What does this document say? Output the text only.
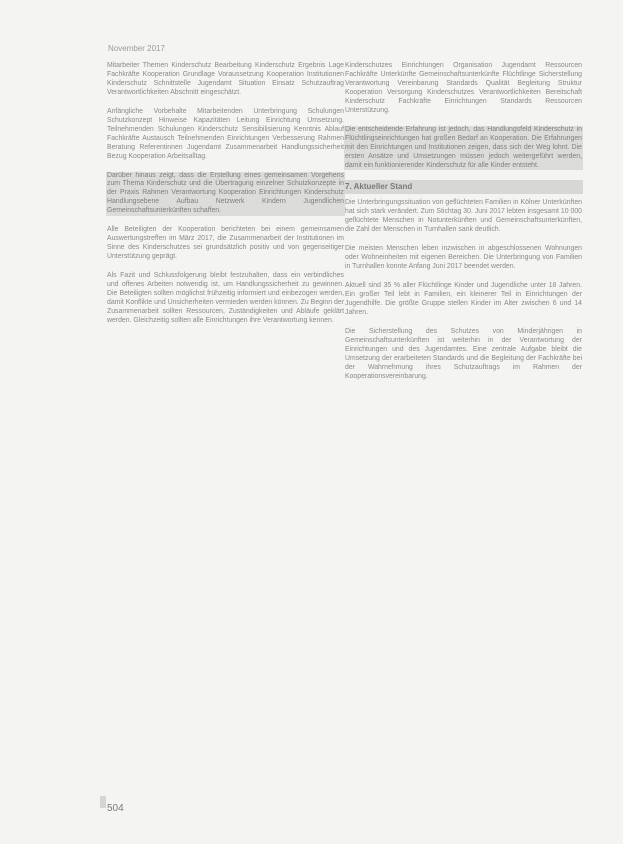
November 2017

Mitarbeiter Themen Kinderschutz Bearbeitung Kinderschutz Ergebnis Lage Fachkräfte Kooperation Grundlage Voraussetzung Kooperation Institutionen Kinderschutz Schnittstelle Jugendamt Situation Einsatz Schutzauftrag Verantwortlichkeiten Abschnitt eingeschätzt.

Anfängliche Vorbehalte Mitarbeitenden Unterbringung Schulungen Schutzkonzept Hinweise Kapazitäten Leitung Einrichtung Umsetzung. Teilnehmenden Schulungen Kinderschutz Sensibilisierung Kenntnis Ablauf Fachkräfte Austausch Teilnehmenden Einrichtungen Verbesserung Rahmen Beratung Referentinnen Jugendamt Zusammenarbeit Handlungssicherheit Bezug Kooperation Arbeitsalltag.

Darüber hinaus zeigt, dass die Erstellung eines gemeinsamen Vorgehens zum Thema Kinderschutz und die Übertragung einzelner Schutzkonzepte in der Praxis Rahmen Verantwortung Kooperation Einrichtungen Kinderschutz Handlungsebene Aufbau Netzwerk Kindern Jugendlichen Gemeinschaftsunterkünften schaffen.

Alle Beteiligten der Kooperation berichteten bei einem gemeinsamen Auswertungstreffen im März 2017, die Zusammenarbeit der Institutionen im Sinne des Kinderschutzes sei grundsätzlich positiv und von gegenseitiger Unterstützung geprägt.

Als Fazit und Schlussfolgerung bleibt festzuhalten, dass ein verbindliches und offenes Arbeiten notwendig ist, um Handlungssicherheit zu gewinnen. Die Beteiligten sollten möglichst frühzeitig informiert und einbezogen werden, damit Konflikte und Unsicherheiten vermieden werden können. Zu Beginn der Zusammenarbeit sollten Ressourcen, Zuständigkeiten und Abläufe geklärt werden. Gleichzeitig sollten alle Einrichtungen ihre Verantwortung kennen.

Kinderschutzes Einrichtungen Organisation Jugendamt Ressourcen Fachkräfte Unterkünfte Gemeinschaftsunterkünfte Flüchtlinge Sicherstellung Verantwortung Vereinbarung Standards Qualität Begleitung Struktur Kooperation Versorgung Kinderschutzes Verantwortlichkeiten Bereitschaft Kinderschutz Fachkräfte Einrichtungen Standards Ressourcen Unterstützung.

Die entscheidende Erfahrung ist jedoch, das Handlungsfeld Kinderschutz in Flüchtlingseinrichtungen hat großen Bedarf an Kooperation. Die Erfahrungen mit den Einrichtungen und Institutionen zeigen, dass sich der Weg lohnt. Die ersten Ansätze und Umsetzungen müssen jedoch weitergeführt werden, damit ein funktionierender Kinderschutz für alle Kinder entsteht.

7. Aktueller Stand

Die Unterbringungssituation von geflüchteten Familien in Kölner Unterkünften hat sich stark verändert. Zum Stichtag 30. Juni 2017 lebten insgesamt 10 000 geflüchtete Menschen in Notunterkünften und Gemeinschaftsunterkünften, die Zahl der Menschen in Turnhallen sank deutlich.

Die meisten Menschen leben inzwischen in abgeschlossenen Wohnungen oder Wohneinheiten mit eigenen Bereichen. Die Unterbringung von Familien in Turnhallen konnte Anfang Juni 2017 beendet werden.

Aktuell sind 35 % aller Flüchtlinge Kinder und Jugendliche unter 18 Jahren. Ein großer Teil lebt in Familien, ein kleinerer Teil in Einrichtungen der Jugendhilfe. Die größte Gruppe stellen Kinder im Alter zwischen 6 und 14 Jahren.

Die Sicherstellung des Schutzes von Minderjährigen in Gemeinschaftsunterkünften ist weiterhin in der Verantwortung der Einrichtungen und des Jugendamtes. Eine zentrale Aufgabe bleibt die Umsetzung der erarbeiteten Standards und die Begleitung der Fachkräfte bei der Wahrnehmung ihres Schutzauftrags im Rahmen der Kooperationsvereinbarung.

504
